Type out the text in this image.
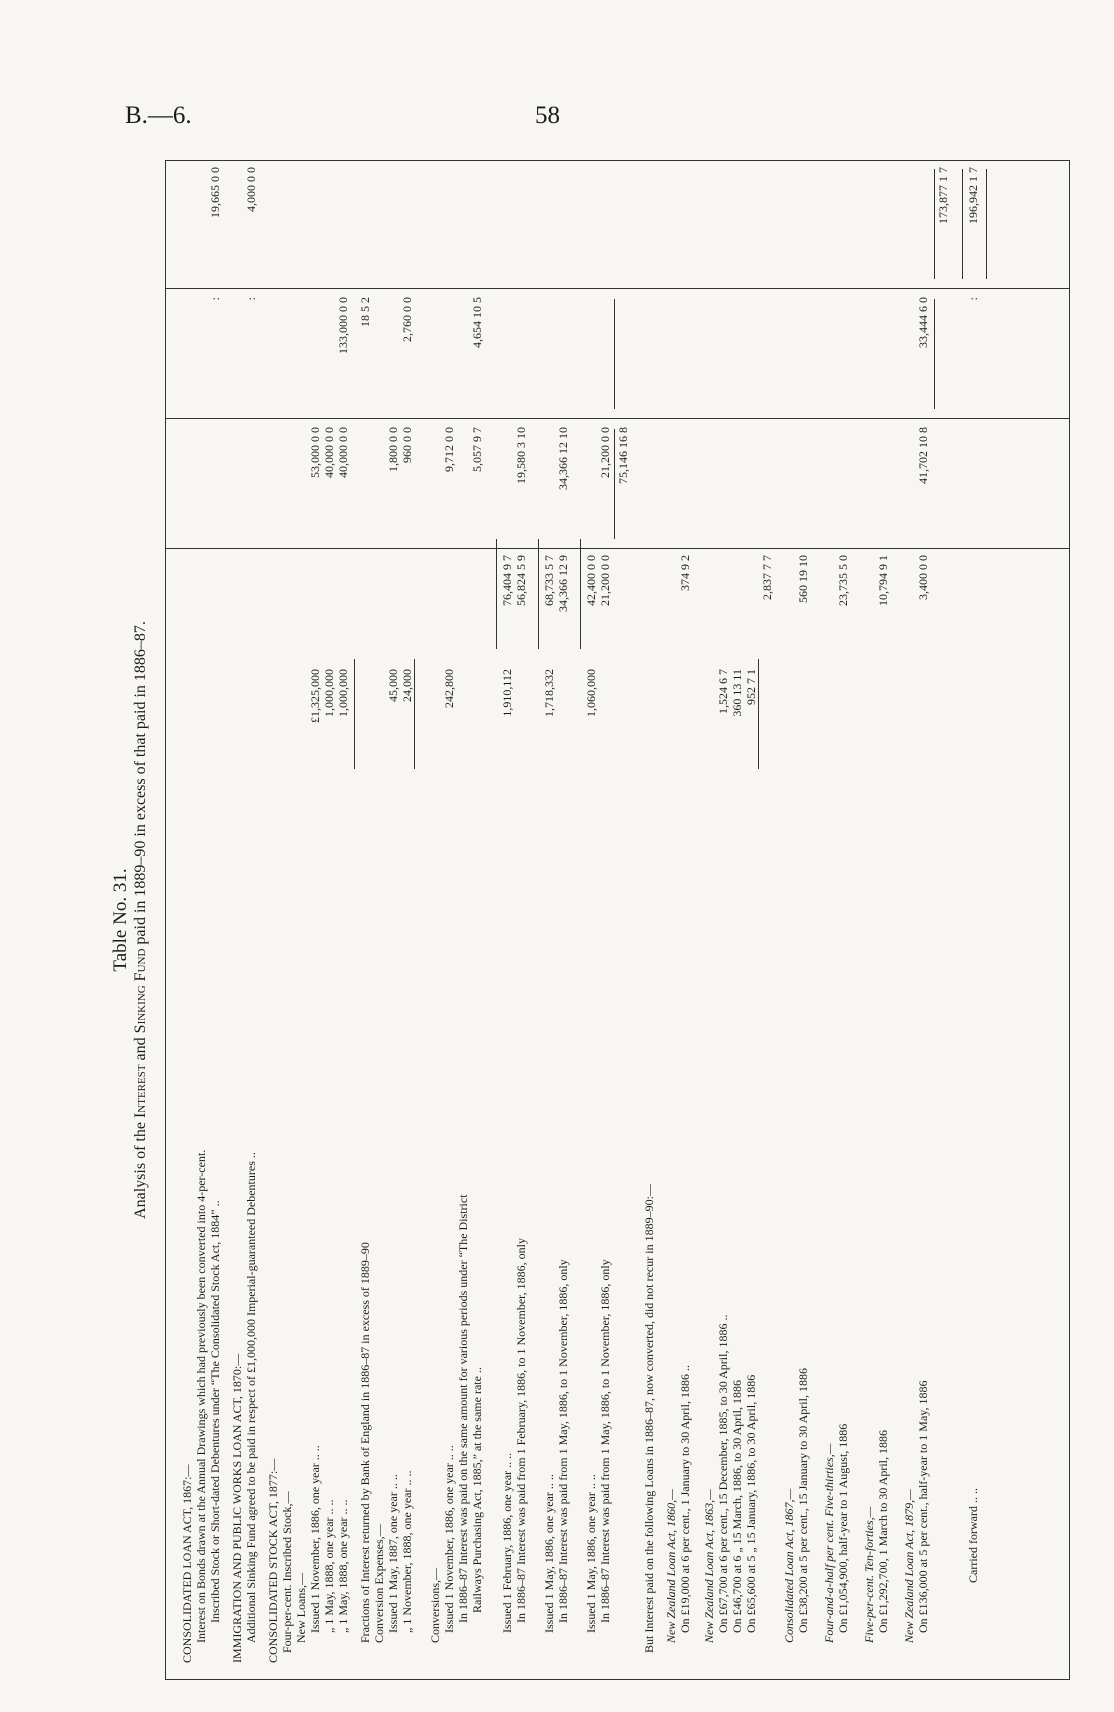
B.—6.	58
Table No. 31.
Analysis of the Interest and Sinking Fund paid in 1889–90 in excess of that paid in 1886–87.
CONSOLIDATED LOAN ACT, 1867:— Interest on Bonds drawn at the Annual Drawings which had previously been converted into 4-per-cent. Inscribed Stock or Short-dated Debentures under “The Consolidated Stock Act, 1884” ..
:
19,665 0 0
IMMIGRATION AND PUBLIC WORKS LOAN ACT, 1870:— Additional Sinking Fund agreed to be paid in respect of £1,000,000 Imperial-guaranteed Debentures ..
:
4,000 0 0
CONSOLIDATED STOCK ACT, 1877:— Four-per-cent. Inscribed Stock,— New Loans,— Issued 1 November, 1886, one year .. ..
£1,325,000
53,000 0 0
„ 1 May, 1888, one year .. ..
1,000,000
40,000 0 0
„ 1 May, 1888, one year .. ..
1,000,000
40,000 0 0
133,000 0 0
Fractions of Interest returned by Bank of England in 1886–87 in excess of 1889–90
18 5 2
Conversion Expenses,— Issued 1 May, 1887, one year .. ..
45,000
1,800 0 0
„ 1 November, 1888, one year .. ..
24,000
960 0 0
2,760 0 0
Conversions,— Issued 1 November, 1886, one year .. ..
242,800
9,712 0 0
In 1886–87 Interest was paid on the same amount for various periods under “The District Railways Purchasing Act, 1885,” at the same rate ..
5,057 9 7
4,654 10 5
Issued 1 February, 1886, one year .. ..
1,910,112
76,404 9 7
In 1886–87 Interest was paid from 1 February, 1886, to 1 November, 1886, only
56,824 5 9
19,580 3 10
Issued 1 May, 1886, one year .. ..
1,718,332
68,733 5 7
In 1886–87 Interest was paid from 1 May, 1886, to 1 November, 1886, only
34,366 12 9
34,366 12 10
Issued 1 May, 1886, one year .. ..
1,060,000
42,400 0 0
In 1886–87 Interest was paid from 1 May, 1886, to 1 November, 1886, only
21,200 0 0
21,200 0 0 75,146 16 8
But Interest paid on the following Loans in 1886–87, now converted, did not recur in 1889–90:— New Zealand Loan Act, 1860,— On £19,000 at 6 per cent., 1 January to 30 April, 1886 ..
374 9 2
New Zealand Loan Act, 1863,— On £67,700 at 6 per cent., 15 December, 1885, to 30 April, 1886 ..
1,524 6 7
On £46,700 at 6 „ 15 March, 1886, to 30 April, 1886
360 13 11
On £65,600 at 5 „ 15 January, 1886, to 30 April, 1886
952 7 1
2,837 7 7
Consolidated Loan Act, 1867,— On £38,200 at 5 per cent., 15 January to 30 April, 1886
560 19 10
Four-and-a-half per cent. Five-thirties,— On £1,054,900, half-year to 1 August, 1886
23,735 5 0
Five-per-cent. Ten-forties,— On £1,292,700, 1 March to 30 April, 1886
10,794 9 1
New Zealand Loan Act, 1879,— On £136,000 at 5 per cent., half-year to 1 May, 1886
3,400 0 0
41,702 10 8
33,444 6 0
173,877 1 7
Carried forward .. ..
:
196,942 1 7
